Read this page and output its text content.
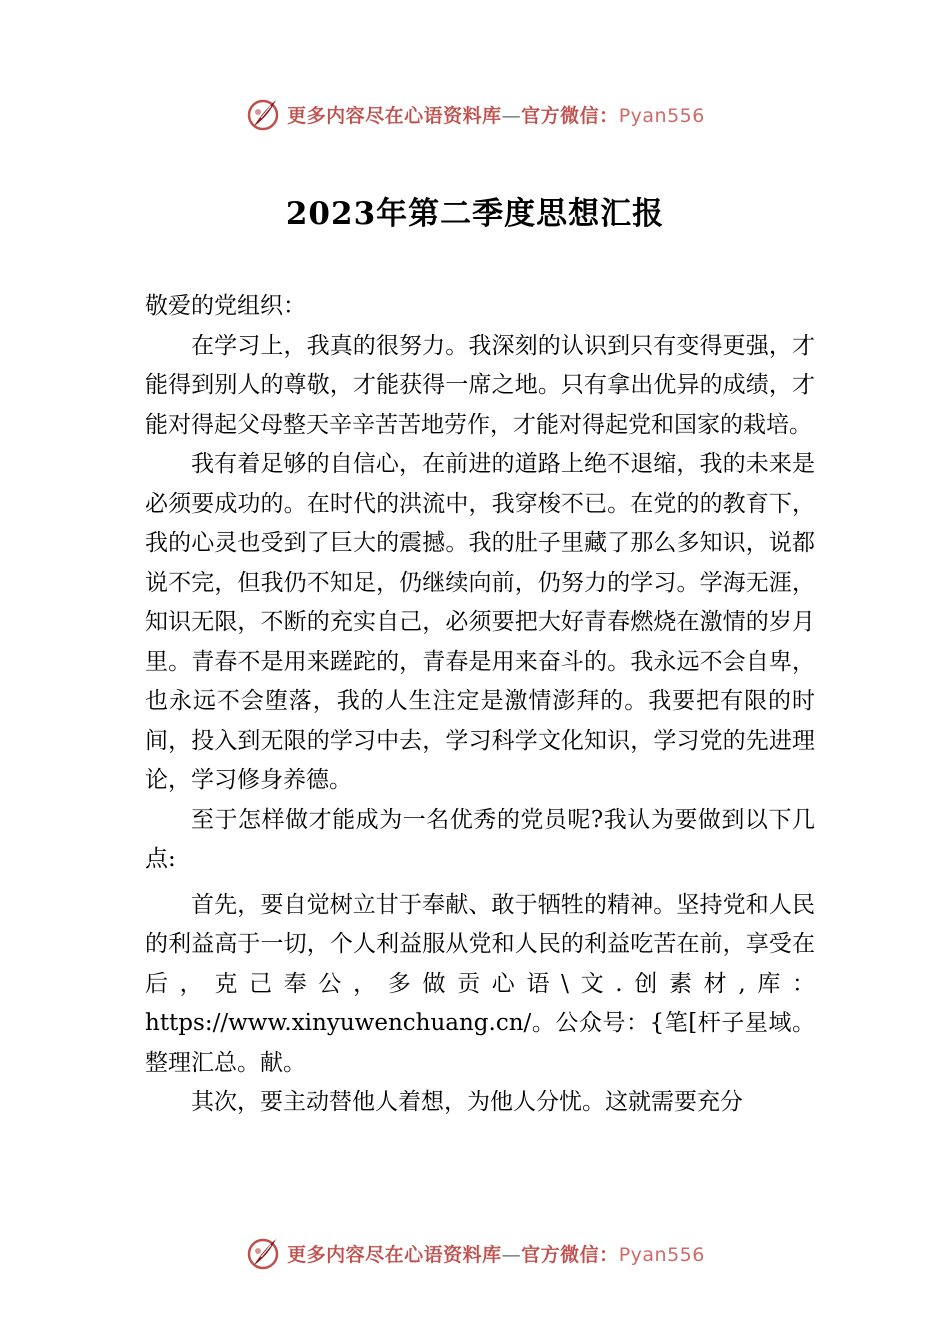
更多内容尽在心语资料库—官方微信：Pyan556
2023年第二季度思想汇报

敬爱的党组织：

在学习上，我真的很努力。我深刻的认识到只有变得更强，才能得到别人的尊敬，才能获得一席之地。只有拿出优异的成绩，才能对得起父母整天辛辛苦苦地劳作，才能对得起党和国家的栽培。

我有着足够的自信心，在前进的道路上绝不退缩，我的未来是必须要成功的。在时代的洪流中，我穿梭不已。在党的的教育下，我的心灵也受到了巨大的震撼。我的肚子里藏了那么多知识，说都说不完，但我仍不知足，仍继续向前，仍努力的学习。学海无涯，知识无限，不断的充实自己，必须要把大好青春燃烧在激情的岁月里。青春不是用来蹉跎的，青春是用来奋斗的。我永远不会自卑，也永远不会堕落，我的人生注定是激情澎拜的。我要把有限的时间，投入到无限的学习中去，学习科学文化知识，学习党的先进理论，学习修身养德。

至于怎样做才能成为一名优秀的党员呢?我认为要做到以下几点:

首先，要自觉树立甘于奉献、敢于牺牲的精神。坚持党和人民的利益高于一切，个人利益服从党和人民的利益吃苦在前，享受在后，克己奉公，多做贡心语\文.创素材,库：https://www.xinyuwenchuang.cn/。公众号：{笔[杆子星域。整理汇总。献。

其次，要主动替他人着想，为他人分忧。这就需要充分

更多内容尽在心语资料库—官方微信：Pyan556
